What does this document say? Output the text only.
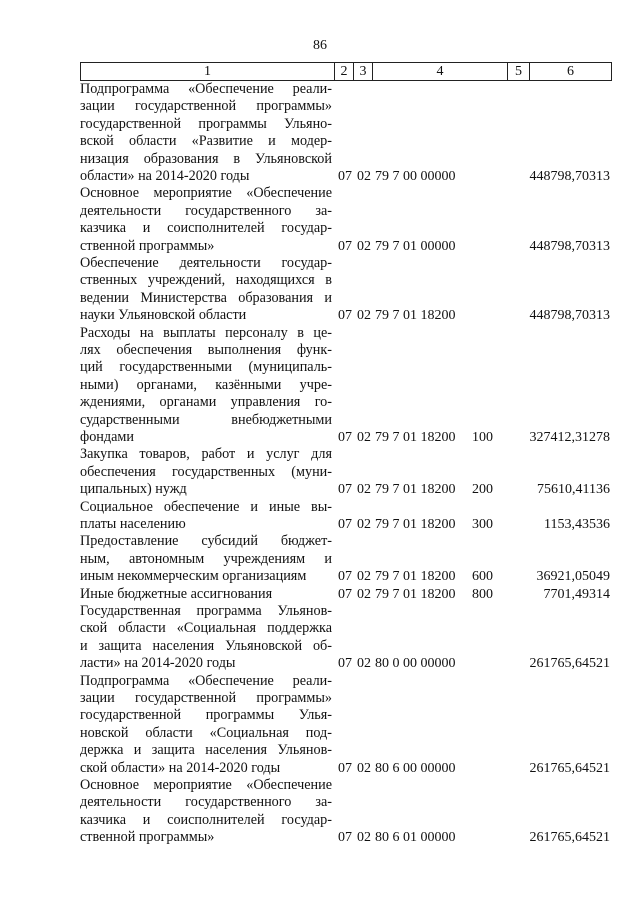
86
1	2	3	4	5	6
Подпрограмма «Обеспечение реали-
зации государственной программы»
государственной программы Ульяно-
вской области «Развитие и модер-
низация образования в Ульяновской
области» на 2014-2020 годы	07 02 79 7 00 00000	448798,70313
Основное мероприятие «Обеспечение
деятельности государственного за-
казчика и соисполнителей государ-
ственной программы»	07 02 79 7 01 00000	448798,70313
Обеспечение деятельности государ-
ственных учреждений, находящихся в
ведении Министерства образования и
науки Ульяновской области	07 02 79 7 01 18200	448798,70313
Расходы на выплаты персоналу в це-
лях обеспечения выполнения функ-
ций государственными (муниципаль-
ными) органами, казёнными учре-
ждениями, органами управления го-
сударственными внебюджетными
фондами	07 02 79 7 01 18200	100	327412,31278
Закупка товаров, работ и услуг для
обеспечения государственных (муни-
ципальных) нужд	07 02 79 7 01 18200	200	75610,41136
Социальное обеспечение и иные вы-
платы населению	07 02 79 7 01 18200	300	1153,43536
Предоставление субсидий бюджет-
ным, автономным учреждениям и
иным некоммерческим организациям	07 02 79 7 01 18200	600	36921,05049
Иные бюджетные ассигнования	07 02 79 7 01 18200	800	7701,49314
Государственная программа Ульянов-
ской области «Социальная поддержка
и защита населения Ульяновской об-
ласти» на 2014-2020 годы	07 02 80 0 00 00000	261765,64521
Подпрограмма «Обеспечение реали-
зации государственной программы»
государственной программы Улья-
новской области «Социальная под-
держка и защита населения Ульянов-
ской области» на 2014-2020 годы	07 02 80 6 00 00000	261765,64521
Основное мероприятие «Обеспечение
деятельности государственного за-
казчика и соисполнителей государ-
ственной программы»	07 02 80 6 01 00000	261765,64521
